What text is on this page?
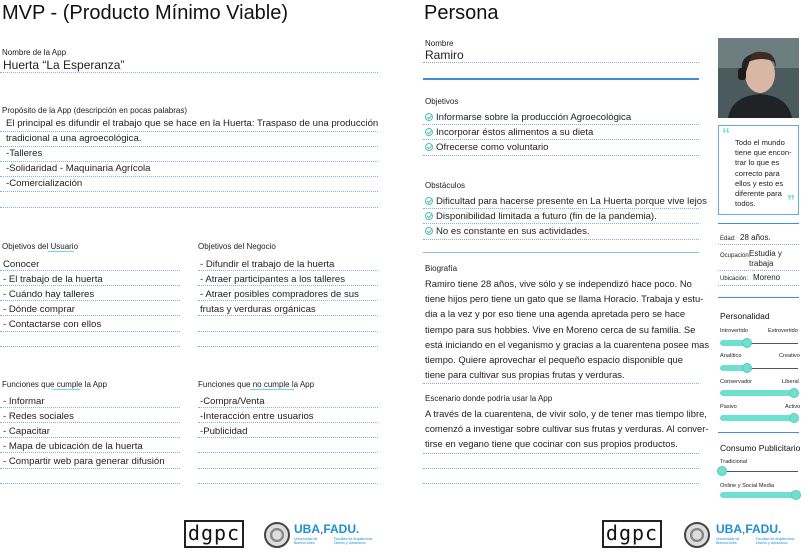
MVP - (Producto Mínimo Viable)
Nombre de la App
Huerta “La Esperanza”
Propósito de la App (descripción en pocas palabras)
El principal es difundir el trabajo que se hace en la Huerta: Traspaso de una producción
tradicional a una agroecológica.
-Talleres
-Solidaridad - Maquinaria Agrícola
-Comercialización
Objetivos del Usuario
Conocer
- El trabajo de la huerta
- Cuándo hay talleres
- Dónde comprar
- Contactarse con ellos
Objetivos del Negocio
- Difundir el trabajo de la huerta
- Atraer participantes a los talleres
- Atraer posibles compradores de sus
frutas y verduras orgánicas
Funciones que cumple la App
- Informar
- Redes sociales
- Capacitar
- Mapa de ubicación de la huerta
- Compartir web para generar difusión
Funciones que no cumple la App
-Compra/Venta
-Interacción entre usuarios
-Publicidad
dgpc	UBA,FADU.
Universidad de Buenos Aires
Facultad de Arquitectura, Diseño y Urbanismo
Persona
Nombre
Ramiro
Objetivos
Informarse sobre la producción Agroecológica
Incorporar éstos alimentos a su dieta
Ofrecerse como voluntario
Obstáculos
Dificultad para hacerse presente en La Huerta porque vive lejos
Disponibilidad limitada a futuro (fin de la pandemia).
No es constante en sus actividades.
Biografía
Ramiro tiene 28 años, vive sólo y se independizó hace poco. No
tiene hijos pero tiene un gato que se llama Horacio. Trabaja y estu-
dia a la vez y por eso tiene una agenda apretada pero se hace
tiempo para sus hobbies. Vive en Moreno cerca de su familia. Se
está iniciando en el veganismo y gracias a la cuarentena posee mas
tiempo. Quiere aprovechar el pequeño espacio disponible que
tiene para cultivar sus propias frutas y verduras.
Escenario donde podría usar la App
A través de la cuarentena, de vivir solo, y de tener mas tiempo libre,
comenzó a investigar sobre cultivar sus frutas y verduras. Al conver-
tirse en vegano tiene que cocinar con sus propios productos.
dgpc	UBA,FADU.
Universidad de Buenos Aires
Facultad de Arquitectura, Diseño y Urbanismo
“
”
Todo el mundo
tiene que encon-
trar lo que es
correcto para
ellos y esto es
diferente para
todos.
Edad: 28 años.
Ocupación:
Estudia y
trabaja
Ubicación: Moreno
Personalidad
Introvertido	Extrovertido
Analítico	Creativo
Conservador	Liberal
Pasivo	Activo
Consumo Publicitario
Tradicional
Online y Social Media
